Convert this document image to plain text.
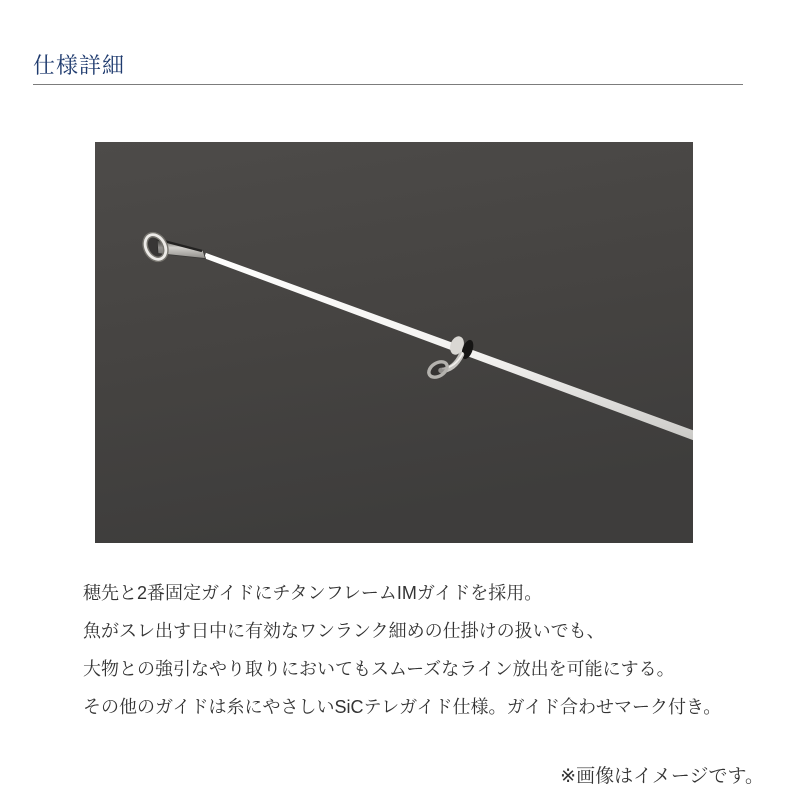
仕様詳細

穂先と2番固定ガイドにチタンフレームIMガイドを採用。

魚がスレ出す日中に有効なワンランク細めの仕掛けの扱いでも、

大物との強引なやり取りにおいてもスムーズなライン放出を可能にする。

その他のガイドは糸にやさしいSiCテレガイド仕様。ガイド合わせマーク付き。

※画像はイメージです。
